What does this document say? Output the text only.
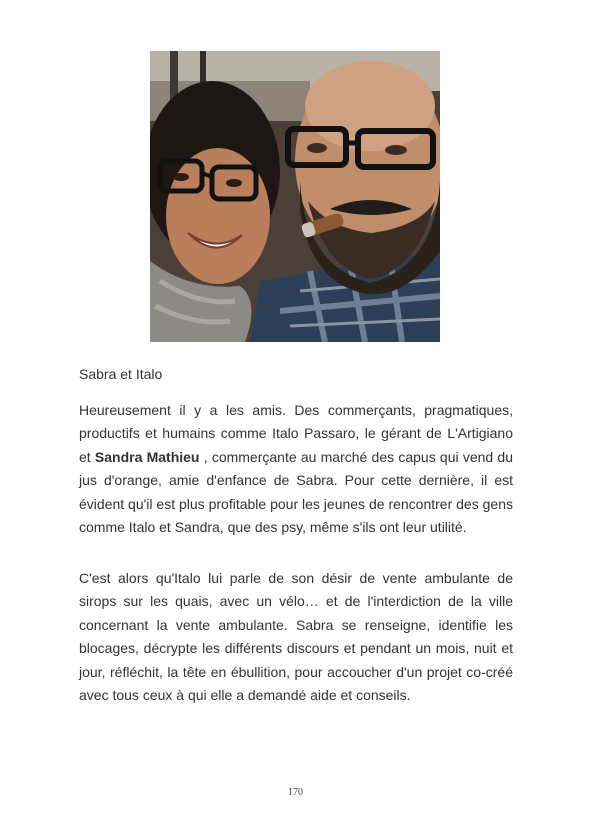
Sabra et Italo

Heureusement il y a les amis. Des commerçants, pragmatiques, productifs et humains comme Italo Passaro, le gérant de L'Artigiano et Sandra Mathieu , commerçante au marché des capus qui vend du jus d'orange, amie d'enfance de Sabra. Pour cette dernière, il est évident qu'il est plus profitable pour les jeunes de rencontrer des gens comme Italo et Sandra, que des psy, même s'ils ont leur utilité.

C'est alors qu'Italo lui parle de son désir de vente ambulante de sirops sur les quais, avec un vélo… et de l'interdiction de la ville concernant la vente ambulante. Sabra se renseigne, identifie les blocages, décrypte les différents discours et pendant un mois, nuit et jour, réfléchit, la tête en ébullition, pour accoucher d'un projet co-créé avec tous ceux à qui elle a demandé aide et conseils.

170
